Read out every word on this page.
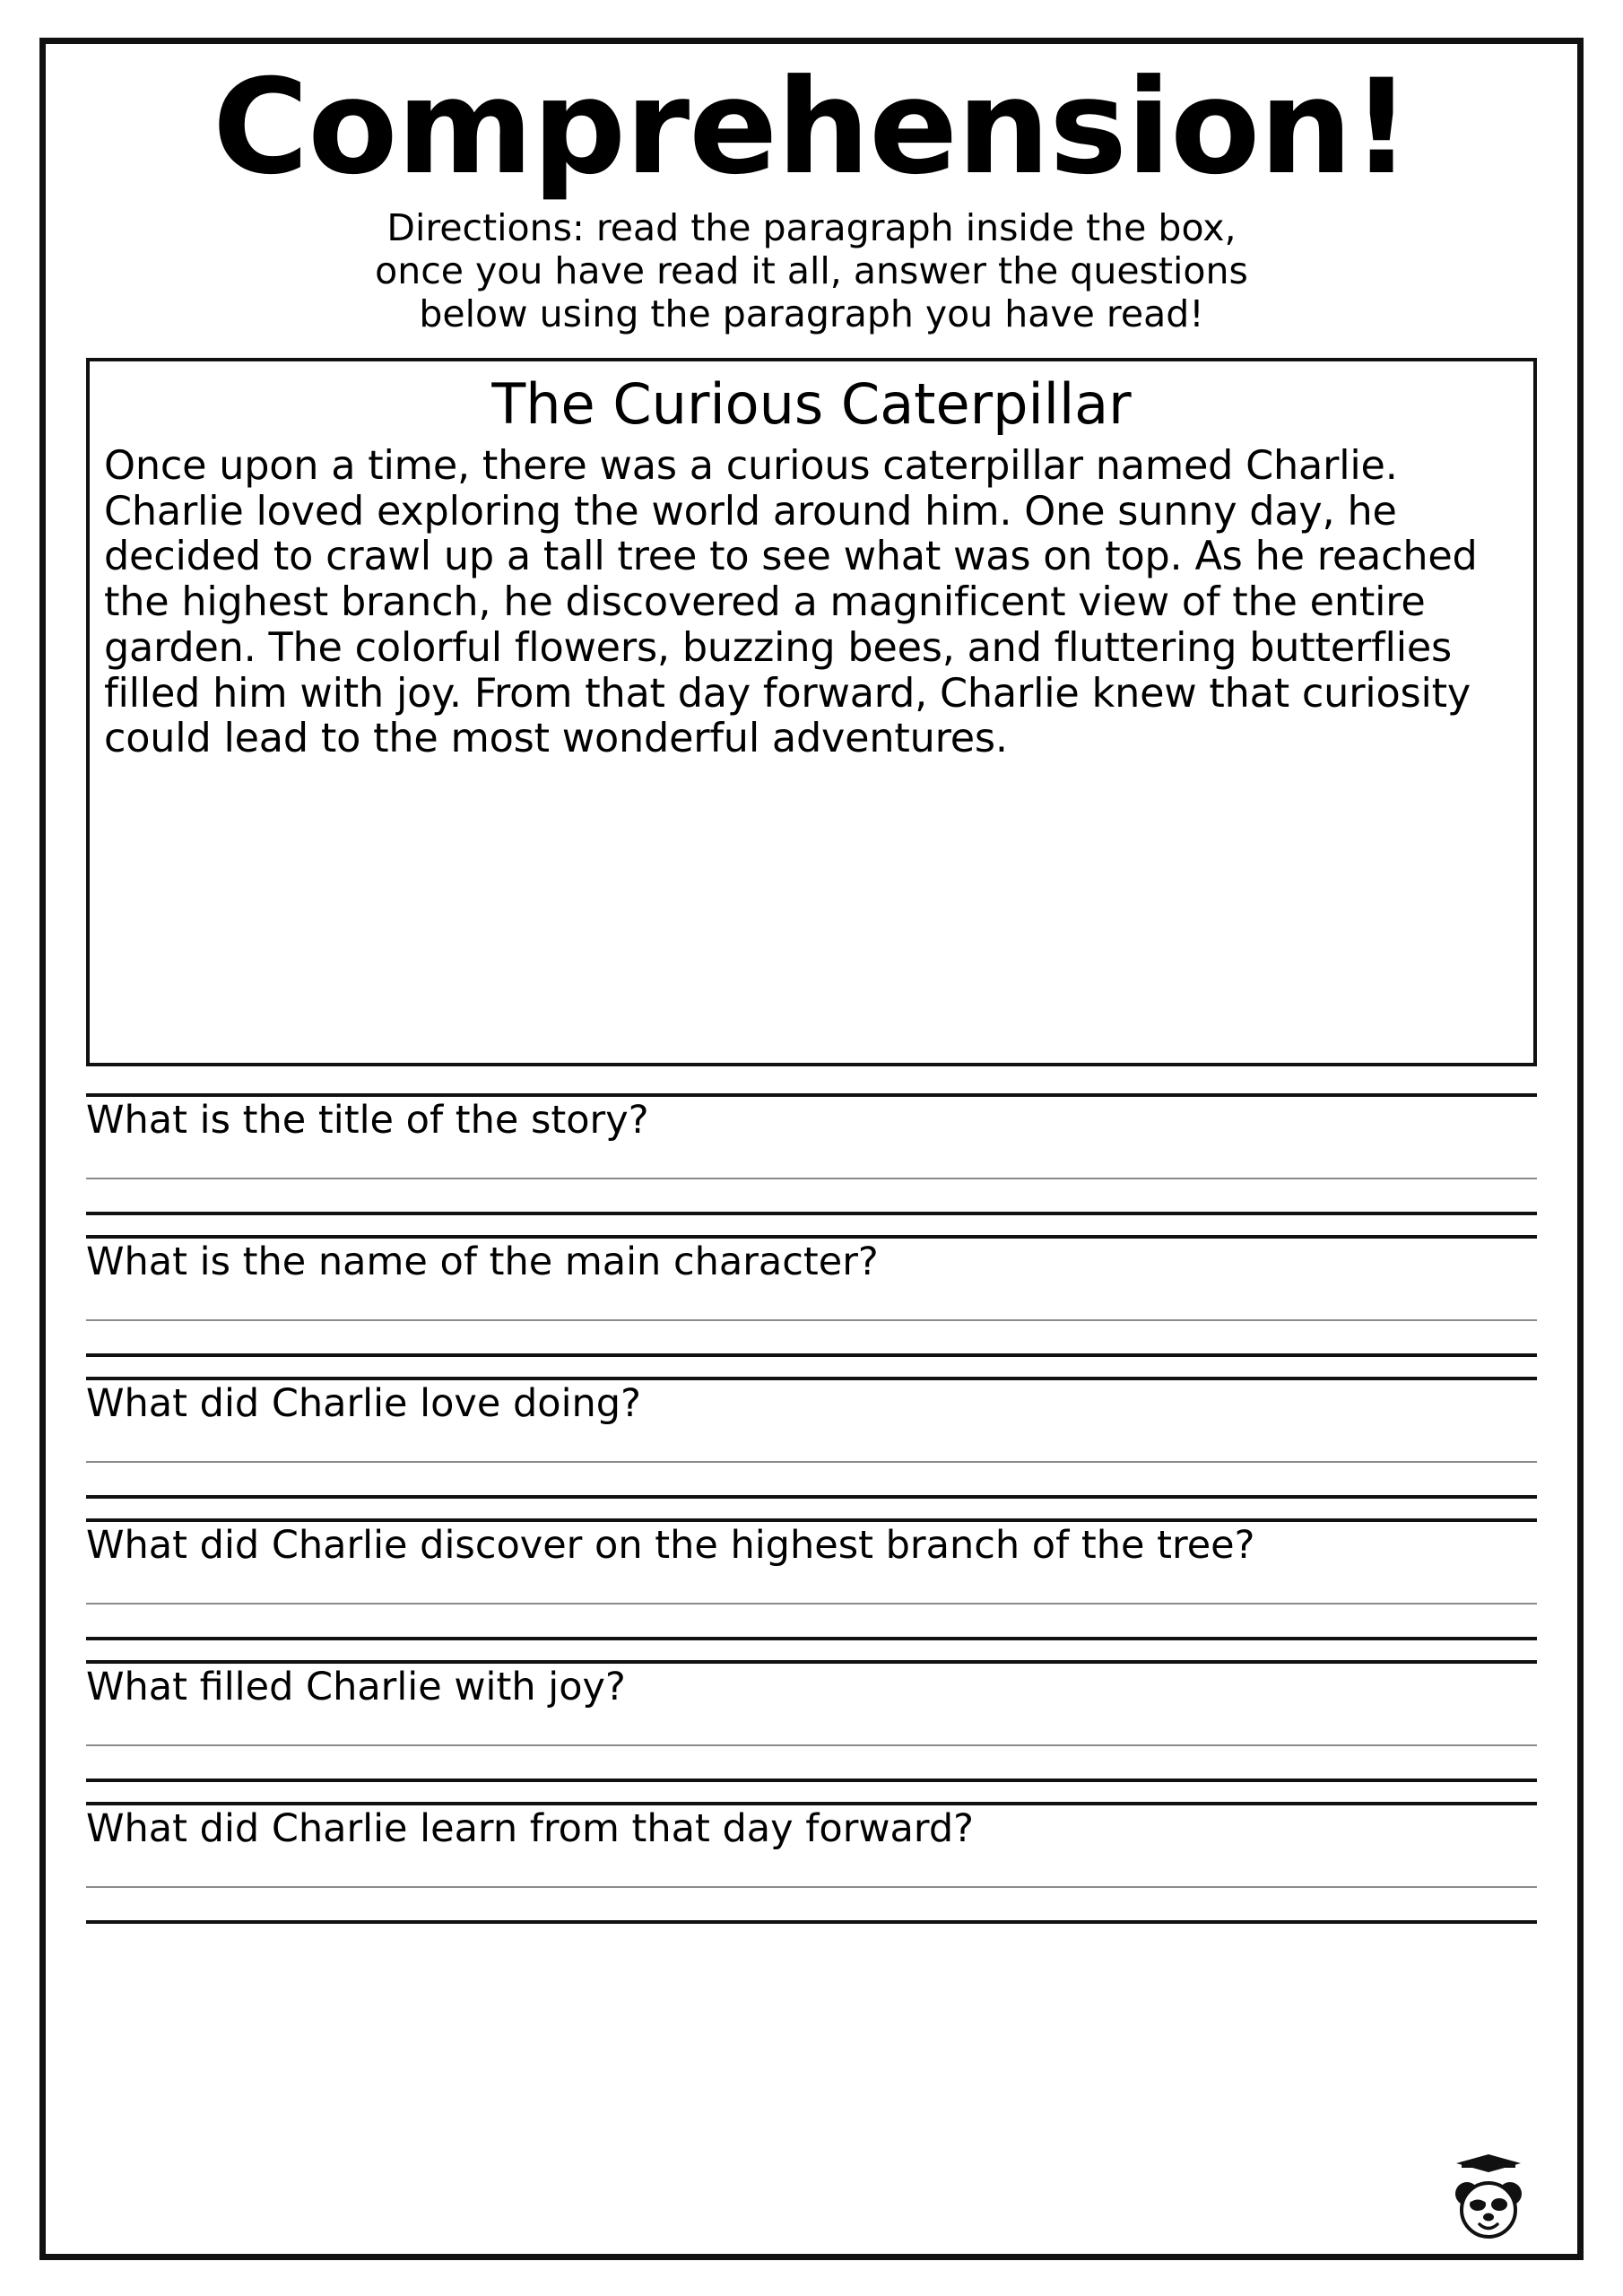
Comprehension!
Directions: read the paragraph inside the box,
once you have read it all, answer the questions
below using the paragraph you have read!
The Curious Caterpillar
Once upon a time, there was a curious caterpillar named Charlie. Charlie loved exploring the world around him. One sunny day, he decided to crawl up a tall tree to see what was on top. As he reached the highest branch, he discovered a magnificent view of the entire garden. The colorful flowers, buzzing bees, and fluttering butterflies filled him with joy. From that day forward, Charlie knew that curiosity could lead to the most wonderful adventures.
What is the title of the story?
What is the name of the main character?
What did Charlie love doing?
What did Charlie discover on the highest branch of the tree?
What filled Charlie with joy?
What did Charlie learn from that day forward?
